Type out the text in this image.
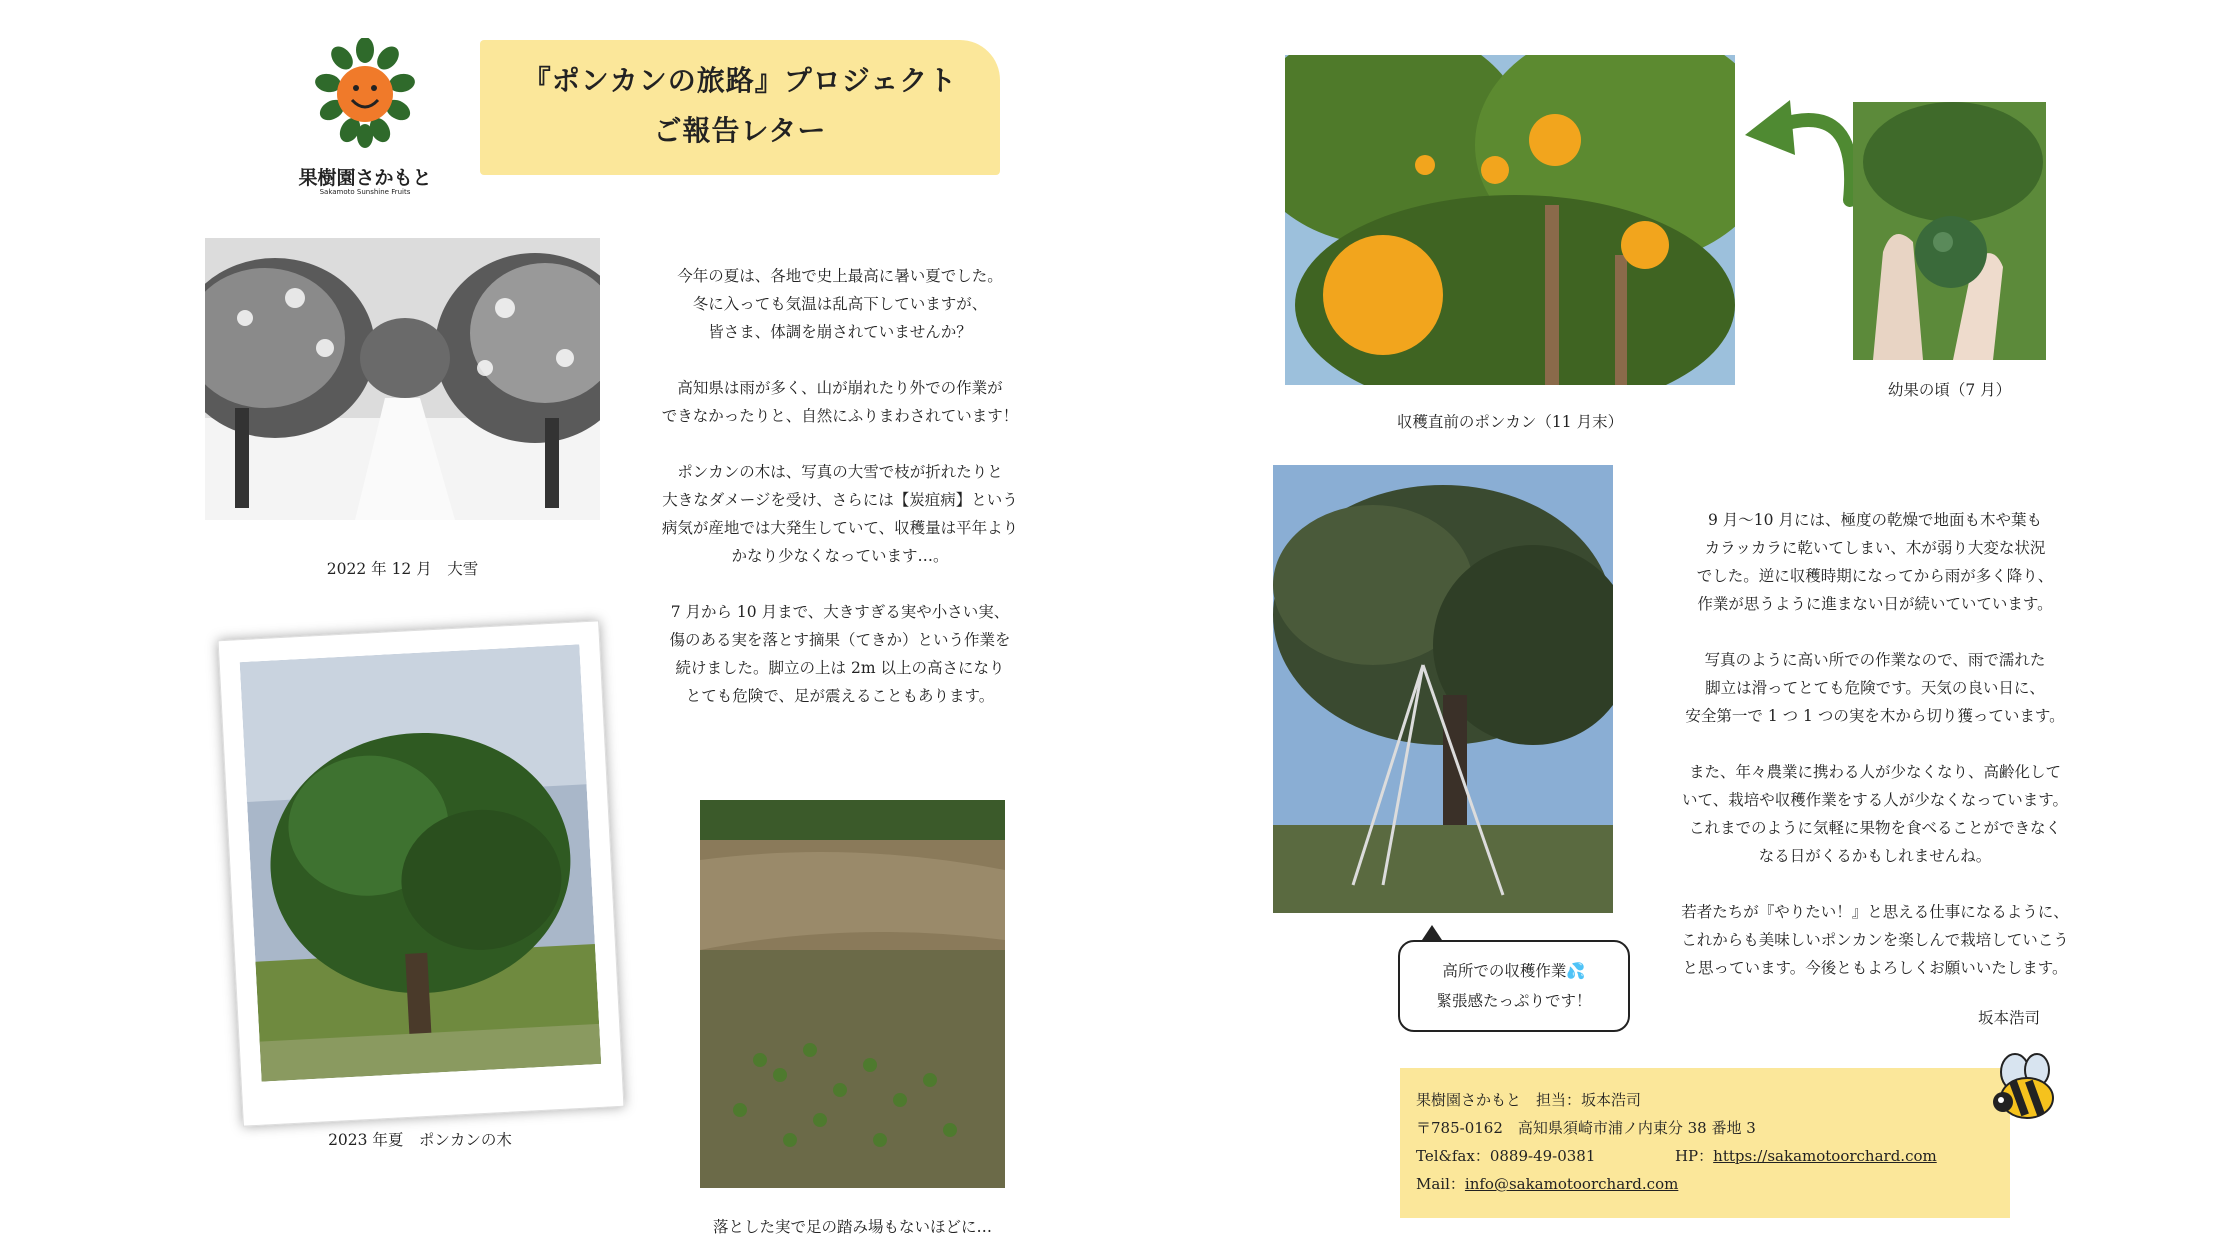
果樹園さかもと
Sakamoto Sunshine Fruits
『ポンカンの旅路』プロジェクト
ご報告レター
2022 年 12 月　大雪

今年の夏は、各地で史上最高に暑い夏でした。

冬に入っても気温は乱高下していますが、

皆さま、体調を崩されていませんか？

高知県は雨が多く、山が崩れたり外での作業が

できなかったりと、自然にふりまわされています！

ポンカンの木は、写真の大雪で枝が折れたりと

大きなダメージを受け、さらには【炭疽病】という

病気が産地では大発生していて、収穫量は平年より

かなり少なくなっています…。

7 月から 10 月まで、大きすぎる実や小さい実、

傷のある実を落とす摘果（てきか）という作業を

続けました。脚立の上は 2m 以上の高さになり

とても危険で、足が震えることもあります。

2023 年夏　ポンカンの木
落とした実で足の踏み場もないほどに…
収穫直前のポンカン（11 月末）
幼果の頃（7 月）
高所での収穫作業💦
緊張感たっぷりです！

9 月～10 月には、極度の乾燥で地面も木や葉も

カラッカラに乾いてしまい、木が弱り大変な状況

でした。逆に収穫時期になってから雨が多く降り、

作業が思うように進まない日が続いていています。

写真のように高い所での作業なので、雨で濡れた

脚立は滑ってとても危険です。天気の良い日に、

安全第一で 1 つ 1 つの実を木から切り獲っています。

また、年々農業に携わる人が少なくなり、高齢化して

いて、栽培や収穫作業をする人が少なくなっています。

これまでのように気軽に果物を食べることができなく

なる日がくるかもしれませんね。

若者たちが『やりたい！』と思える仕事になるように、

これからも美味しいポンカンを楽しんで栽培していこう

と思っています。今後ともよろしくお願いいたします。

坂本浩司
果樹園さかもと　担当：坂本浩司
〒785-0162　高知県須崎市浦ノ内東分 38 番地 3
Tel&fax：0889-49-0381	HP：https://sakamotoorchard.com
Mail：info@sakamotoorchard.com
